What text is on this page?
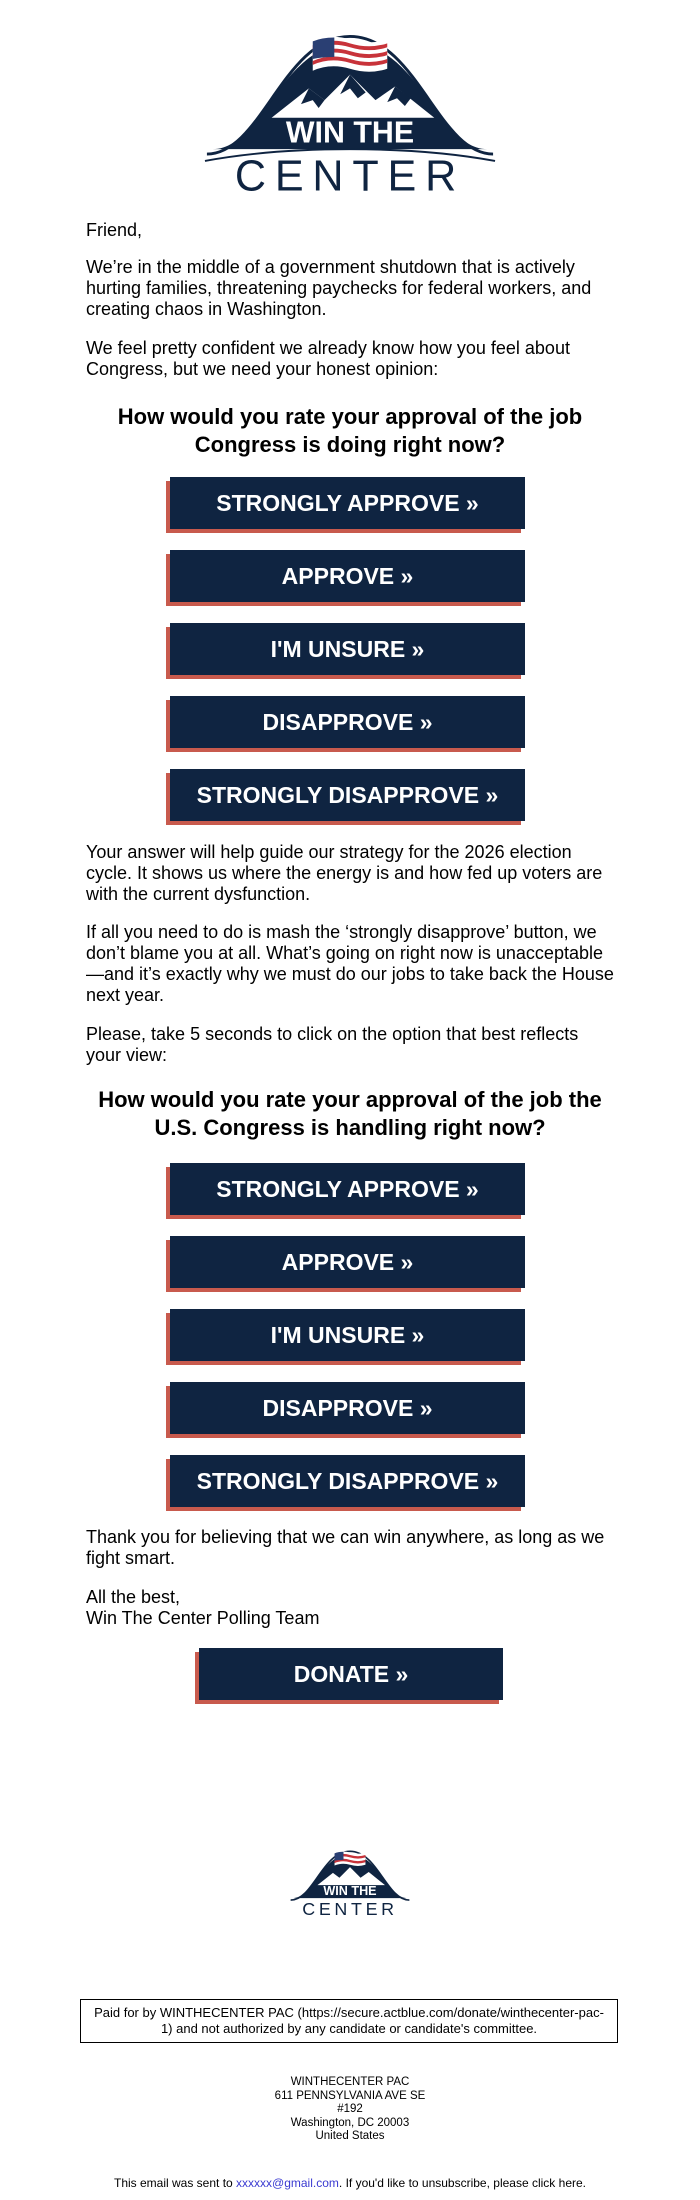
WIN THE
CENTER

Friend,

We’re in the middle of a government shutdown that is actively hurting families, threatening paychecks for federal workers, and creating chaos in Washington.

We feel pretty confident we already know how you feel about Congress, but we need your honest opinion:

How would you rate your approval of the job Congress is doing right now?

STRONGLY APPROVE »
APPROVE »
I'M UNSURE »
DISAPPROVE »
STRONGLY DISAPPROVE »

Your answer will help guide our strategy for the 2026 election cycle. It shows us where the energy is and how fed up voters are with the current dysfunction.

If all you need to do is mash the ‘strongly disapprove’ button, we don’t blame you at all. What’s going on right now is unacceptable—and it’s exactly why we must do our jobs to take back the House next year.

Please, take 5 seconds to click on the option that best reflects your view:

How would you rate your approval of the job the U.S. Congress is handling right now?

STRONGLY APPROVE »
APPROVE »
I'M UNSURE »
DISAPPROVE »
STRONGLY DISAPPROVE »

Thank you for believing that we can win anywhere, as long as we fight smart.

All the best,

Win The Center Polling Team

DONATE »
WIN THE
CENTER
Paid for by WINTHECENTER PAC (https://secure.actblue.com/donate/winthecenter-pac-1) and not authorized by any candidate or candidate's committee.
WINTHECENTER PAC
611 PENNSYLVANIA AVE SE
#192
Washington, DC 20003
United States
This email was sent to xxxxxx@gmail.com. If you'd like to unsubscribe, please click here.
